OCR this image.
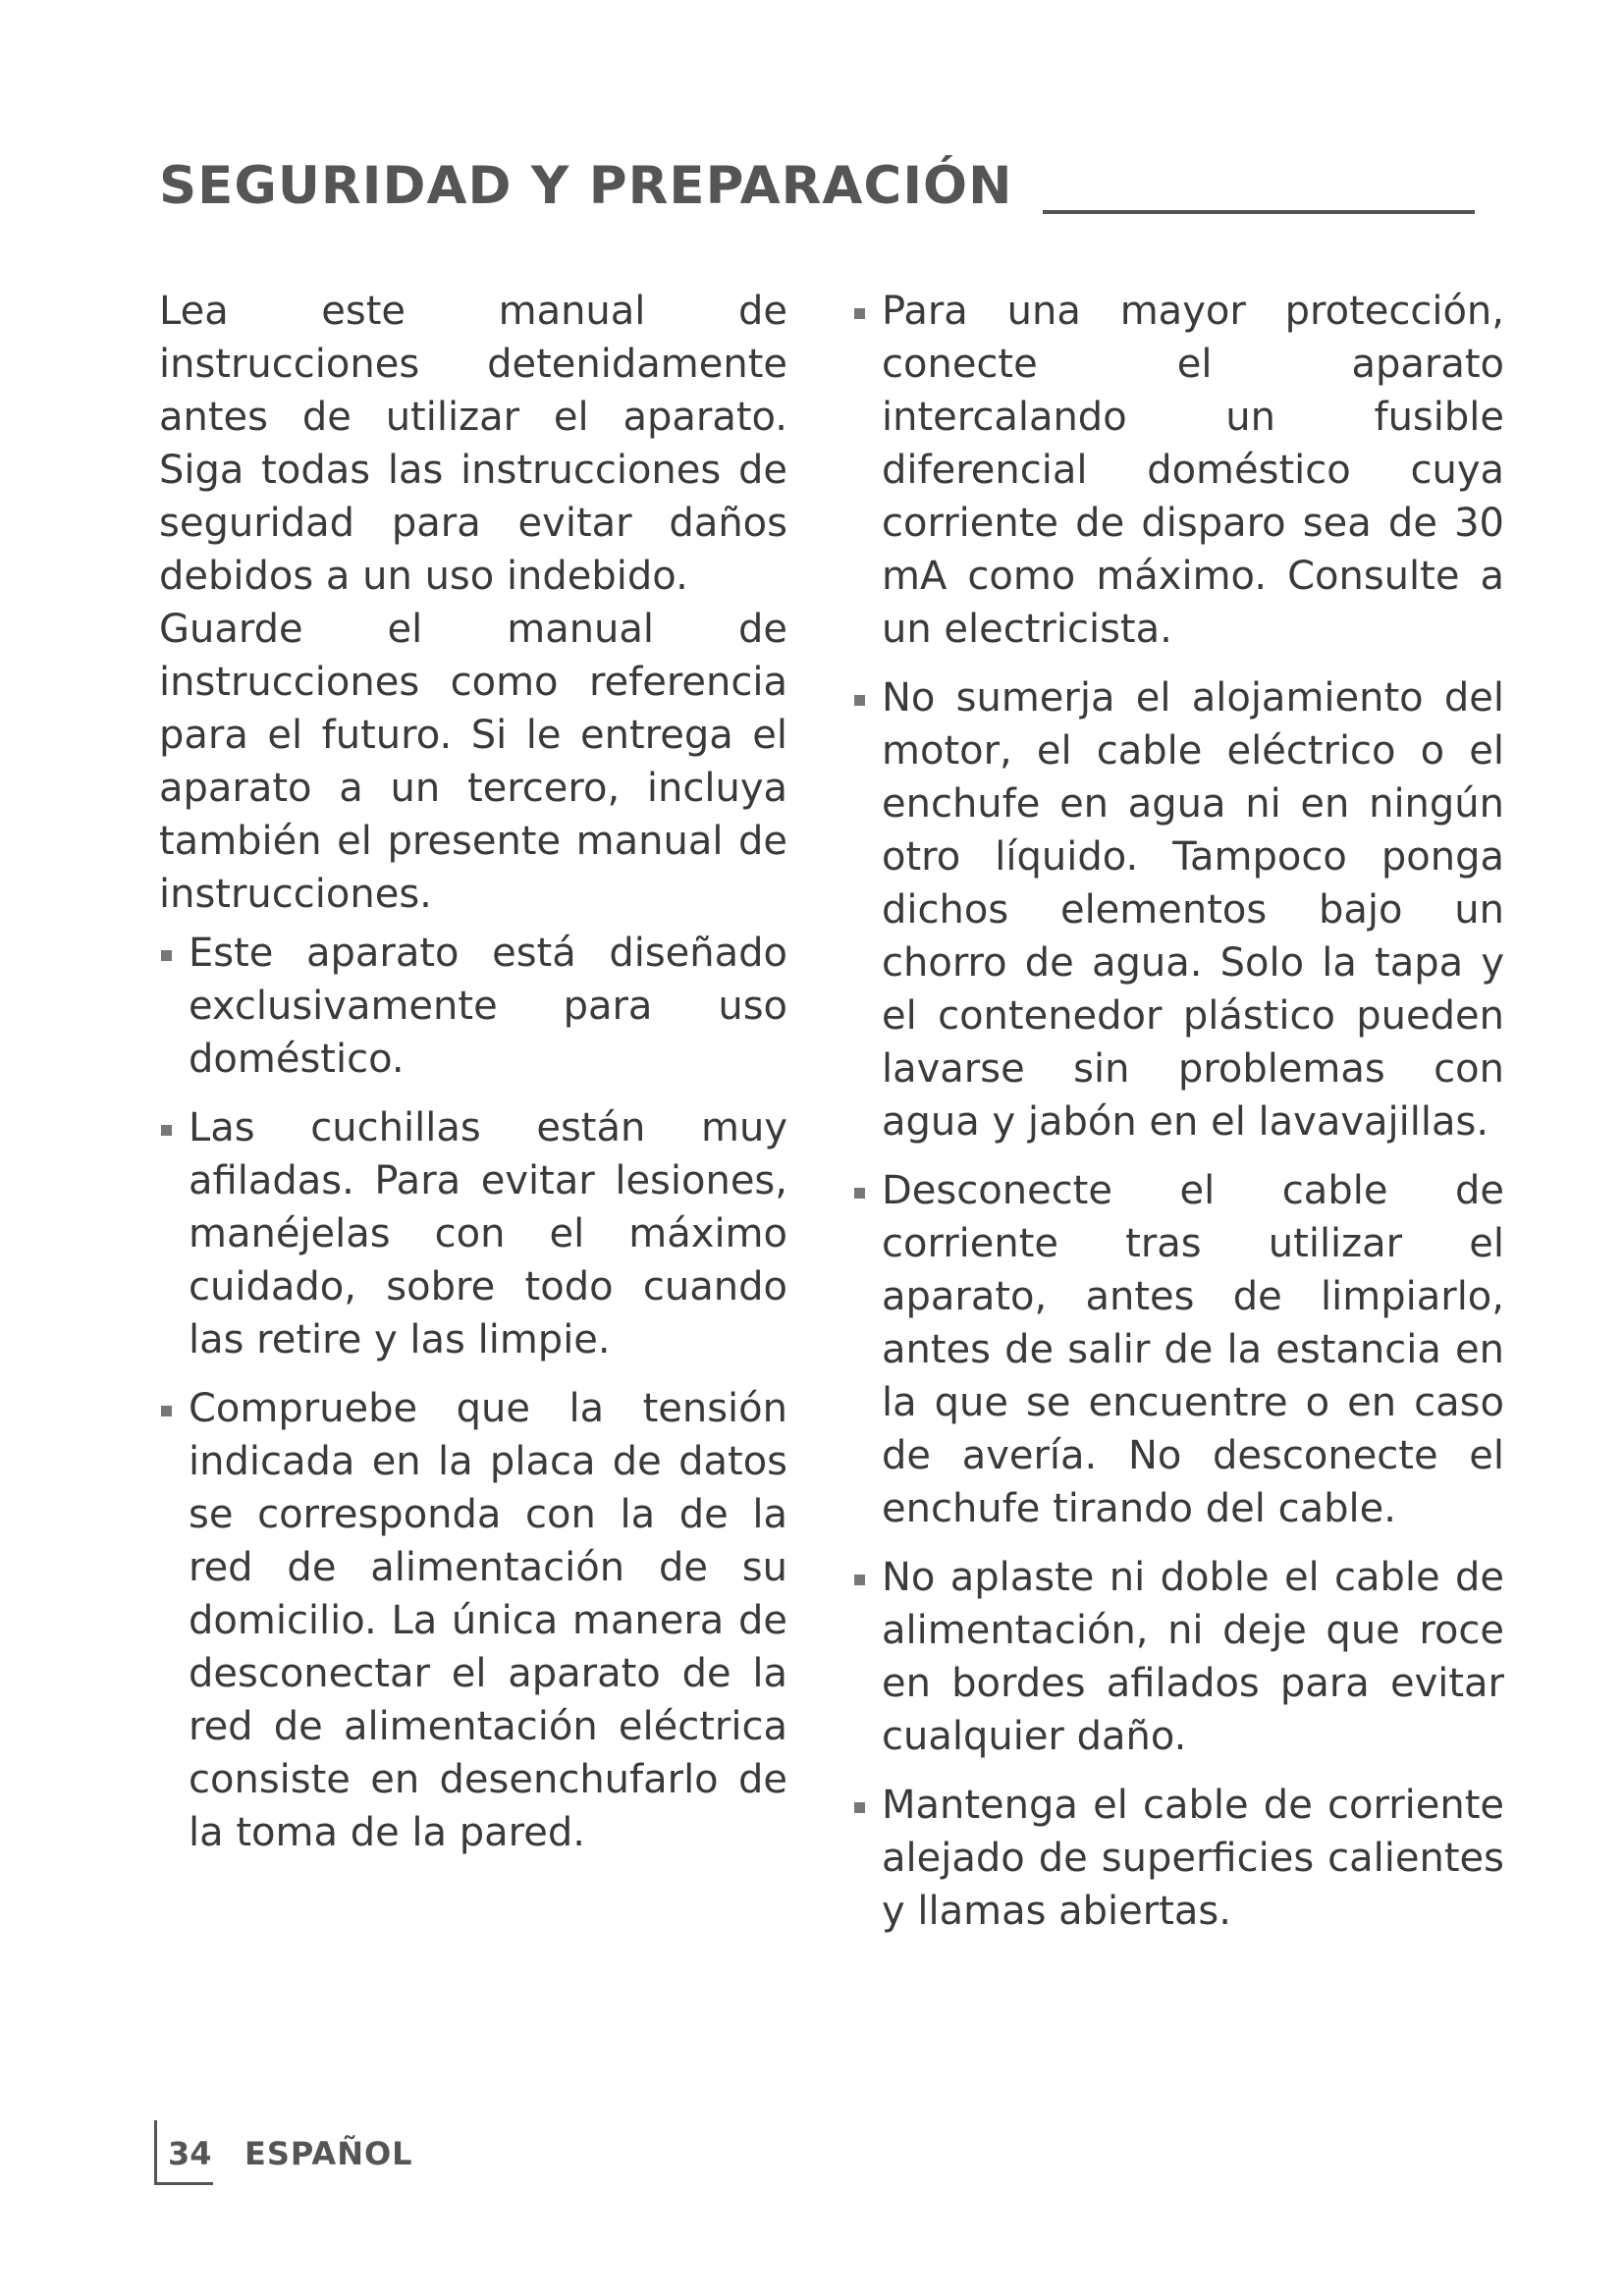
SEGURIDAD Y PREPARACIÓN

Lea este manual de instrucciones detenidamente antes de utilizar el aparato. Siga todas las instrucciones de seguridad para evitar daños debidos a un uso indebido.

Guarde el manual de instrucciones como referencia para el futuro. Si le entrega el aparato a un tercero, incluya también el presente manual de instrucciones.

Este aparato está diseñado exclusivamente para uso doméstico.
Las cuchillas están muy afiladas. Para evitar lesiones, manéjelas con el máximo cuidado, sobre todo cuando las retire y las limpie.
Compruebe que la tensión indicada en la placa de datos se corresponda con la de la red de alimentación de su domicilio. La única manera de desconectar el aparato de la red de alimentación eléctrica consiste en desenchufarlo de la toma de la pared.
Para una mayor protección, conecte el aparato intercalando un fusible diferencial doméstico cuya corriente de disparo sea de 30 mA como máximo. Consulte a un electricista.
No sumerja el alojamiento del motor, el cable eléctrico o el enchufe en agua ni en ningún otro líquido. Tampoco ponga dichos elementos bajo un chorro de agua. Solo la tapa y el contenedor plástico pueden lavarse sin problemas con agua y jabón en el lavavajillas.
Desconecte el cable de corriente tras utilizar el aparato, antes de limpiarlo, antes de salir de la estancia en la que se encuentre o en caso de avería. No desconecte el enchufe tirando del cable.
No aplaste ni doble el cable de alimentación, ni deje que roce en bordes afilados para evitar cualquier daño.
Mantenga el cable de corriente alejado de superficies calientes y llamas abiertas.
34 ESPAÑOL
